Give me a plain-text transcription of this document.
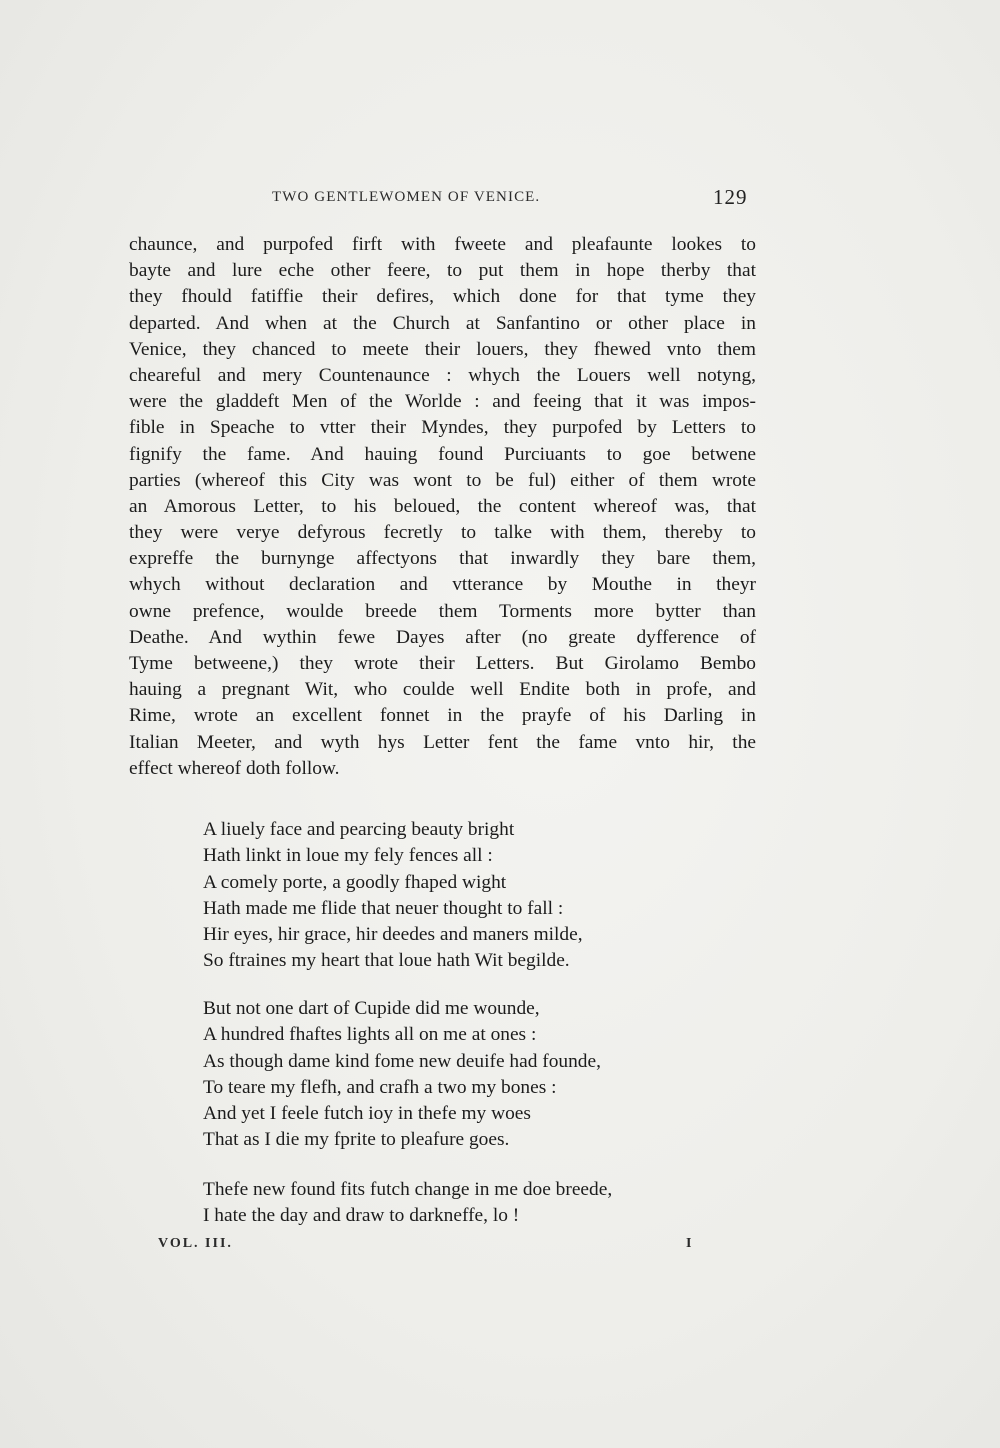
TWO GENTLEWOMEN OF VENICE.	129
chaunce, and purpofed firft with fweete and pleafaunte lookes to
bayte and lure eche other feere, to put them in hope therby that
they fhould fatiffie their defires, which done for that tyme they
departed. And when at the Church at Sanfantino or other place in
Venice, they chanced to meete their louers, they fhewed vnto them
cheareful and mery Countenaunce : whych the Louers well notyng,
were the gladdeft Men of the Worlde : and feeing that it was impos-
fible in Speache to vtter their Myndes, they purpofed by Letters to
fignify the fame. And hauing found Purciuants to goe betwene
parties (whereof this City was wont to be ful) either of them wrote
an Amorous Letter, to his beloued, the content whereof was, that
they were verye defyrous fecretly to talke with them, thereby to
expreffe the burnynge affectyons that inwardly they bare them,
whych without declaration and vtterance by Mouthe in theyr
owne prefence, woulde breede them Torments more bytter than
Deathe. And wythin fewe Dayes after (no greate dyfference of
Tyme betweene,) they wrote their Letters. But Girolamo Bembo
hauing a pregnant Wit, who coulde well Endite both in profe, and
Rime, wrote an excellent fonnet in the prayfe of his Darling in
Italian Meeter, and wyth hys Letter fent the fame vnto hir, the
effect whereof doth follow.
A liuely face and pearcing beauty bright
Hath linkt in loue my fely fences all :
A comely porte, a goodly fhaped wight
Hath made me flide that neuer thought to fall :
Hir eyes, hir grace, hir deedes and maners milde,
So ftraines my heart that loue hath Wit begilde.
But not one dart of Cupide did me wounde,
A hundred fhaftes lights all on me at ones :
As though dame kind fome new deuife had founde,
To teare my flefh, and crafh a two my bones :
And yet I feele futch ioy in thefe my woes
That as I die my fprite to pleafure goes.
Thefe new found fits futch change in me doe breede,
I hate the day and draw to darkneffe, lo !
VOL. III.	I
